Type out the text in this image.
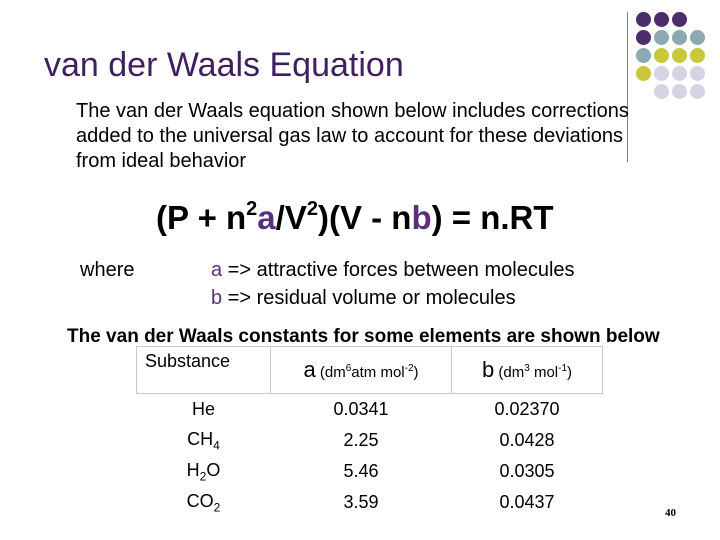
van der Waals Equation
The van der Waals equation shown below includes corrections added to the universal gas law to account for these deviations from ideal behavior
$(P + n^2a/V^2)(V - nb) = n.RT$
where	a => attractive forces between molecules
b => residual volume or molecules
The van der Waals constants for some elements are shown below
Substance	a ($dm^6atm$ mol$^{-2}$)	b ($dm^3$ mol$^{-1}$)
He	0.0341	0.02370
$CH_4$	2.25	0.0428
$H_2O$	5.46	0.0305
$CO_2$	3.59	0.0437
40
